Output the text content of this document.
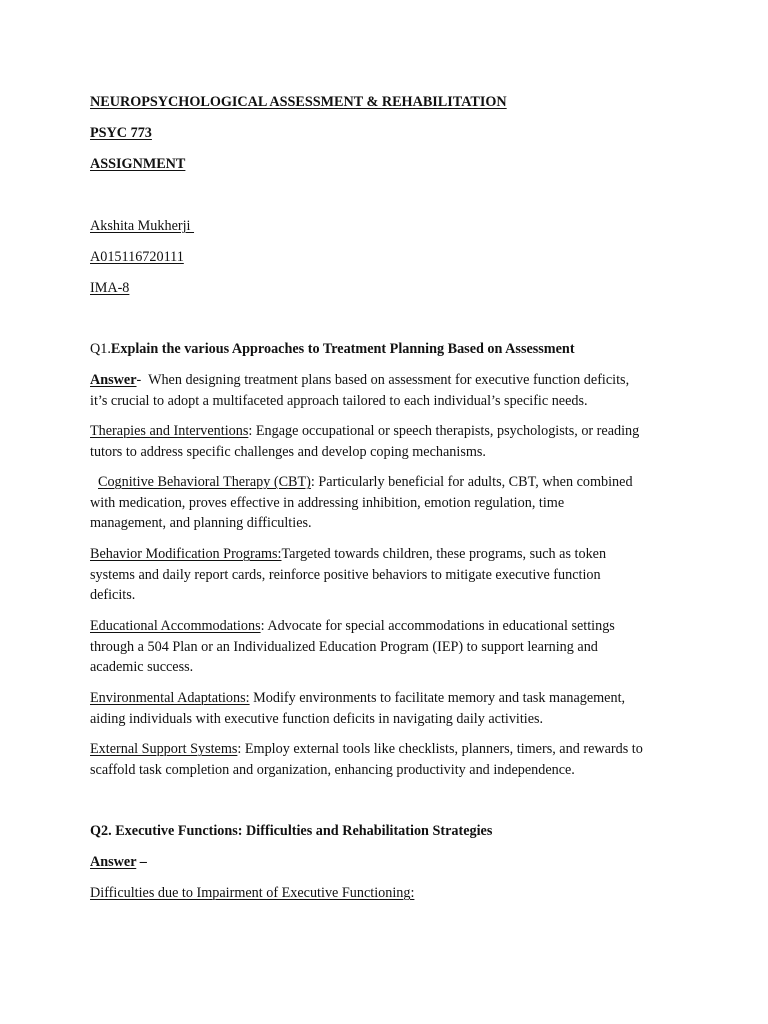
NEUROPSYCHOLOGICAL ASSESSMENT & REHABILITATION
PSYC 773
ASSIGNMENT
Akshita Mukherji
A015116720111
IMA-8
Q1.Explain the various Approaches to Treatment Planning Based on Assessment
Answer-  When designing treatment plans based on assessment for executive function deficits,
it’s crucial to adopt a multifaceted approach tailored to each individual’s specific needs.
Therapies and Interventions: Engage occupational or speech therapists, psychologists, or reading
tutors to address specific challenges and develop coping mechanisms.
Cognitive Behavioral Therapy (CBT): Particularly beneficial for adults, CBT, when combined
with medication, proves effective in addressing inhibition, emotion regulation, time
management, and planning difficulties.
Behavior Modification Programs:Targeted towards children, these programs, such as token
systems and daily report cards, reinforce positive behaviors to mitigate executive function
deficits.
Educational Accommodations: Advocate for special accommodations in educational settings
through a 504 Plan or an Individualized Education Program (IEP) to support learning and
academic success.
Environmental Adaptations: Modify environments to facilitate memory and task management,
aiding individuals with executive function deficits in navigating daily activities.
External Support Systems: Employ external tools like checklists, planners, timers, and rewards to
scaffold task completion and organization, enhancing productivity and independence.
Q2. Executive Functions: Difficulties and Rehabilitation Strategies
Answer –
Difficulties due to Impairment of Executive Functioning:
